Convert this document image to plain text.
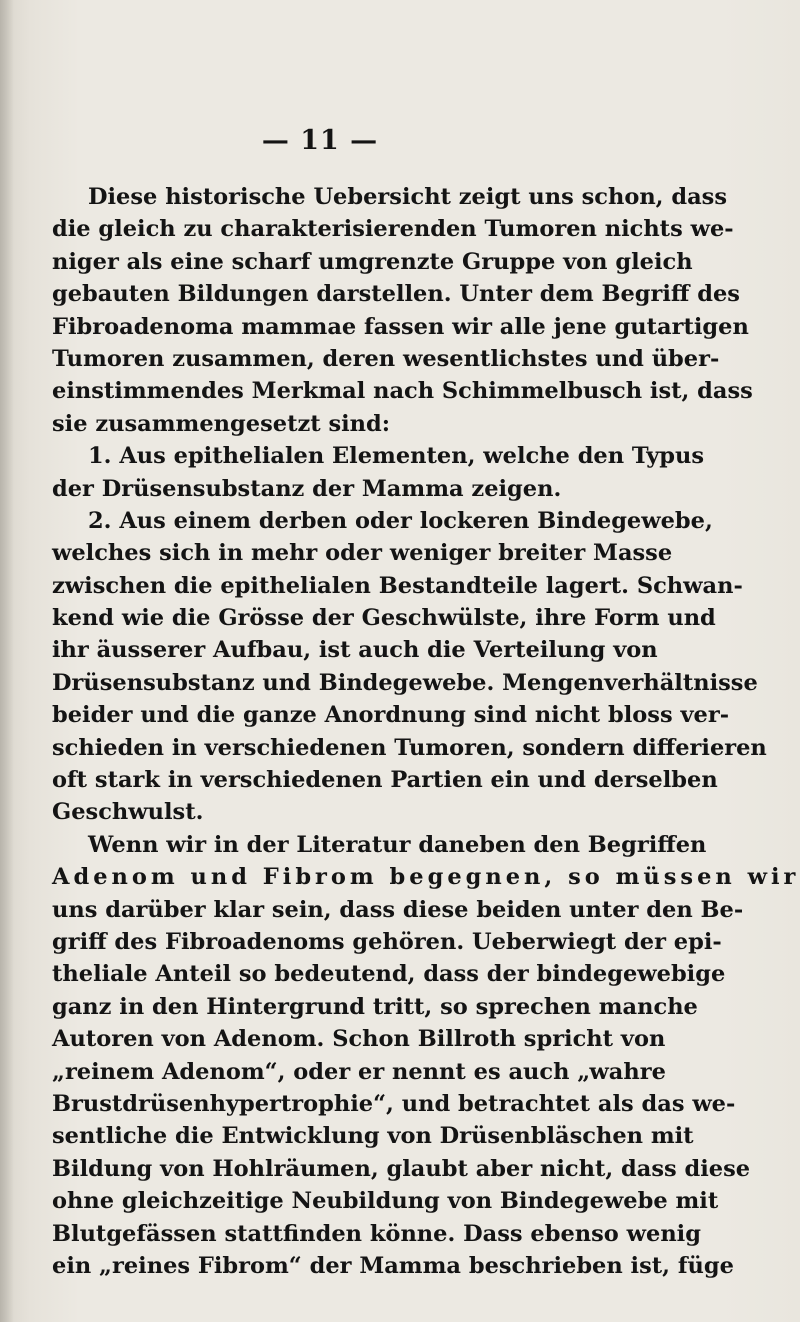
— 11 —
Diese historische Uebersicht zeigt uns schon, dass
die gleich zu charakterisierenden Tumoren nichts we-
niger als eine scharf umgrenzte Gruppe von gleich
gebauten Bildungen darstellen. Unter dem Begriff des
Fibroadenoma mammae fassen wir alle jene gutartigen
Tumoren zusammen, deren wesentlichstes und über-
einstimmendes Merkmal nach Schimmelbusch ist, dass
sie zusammengesetzt sind:
1. Aus epithelialen Elementen, welche den Typus
der Drüsensubstanz der Mamma zeigen.
2. Aus einem derben oder lockeren Bindegewebe,
welches sich in mehr oder weniger breiter Masse
zwischen die epithelialen Bestandteile lagert. Schwan-
kend wie die Grösse der Geschwülste, ihre Form und
ihr äusserer Aufbau, ist auch die Verteilung von
Drüsensubstanz und Bindegewebe. Mengenverhältnisse
beider und die ganze Anordnung sind nicht bloss ver-
schieden in verschiedenen Tumoren, sondern differieren
oft stark in verschiedenen Partien ein und derselben
Geschwulst.
Wenn wir in der Literatur daneben den Begriffen
Adenom und Fibrom begegnen, so müssen wir
uns darüber klar sein, dass diese beiden unter den Be-
griff des Fibroadenoms gehören. Ueberwiegt der epi-
theliale Anteil so bedeutend, dass der bindegewebige
ganz in den Hintergrund tritt, so sprechen manche
Autoren von Adenom. Schon Billroth spricht von
„reinem Adenom“, oder er nennt es auch „wahre
Brustdrüsenhypertrophie“, und betrachtet als das we-
sentliche die Entwicklung von Drüsenbläschen mit
Bildung von Hohlräumen, glaubt aber nicht, dass diese
ohne gleichzeitige Neubildung von Bindegewebe mit
Blutgefässen stattfinden könne. Dass ebenso wenig
ein „reines Fibrom“ der Mamma beschrieben ist, füge
